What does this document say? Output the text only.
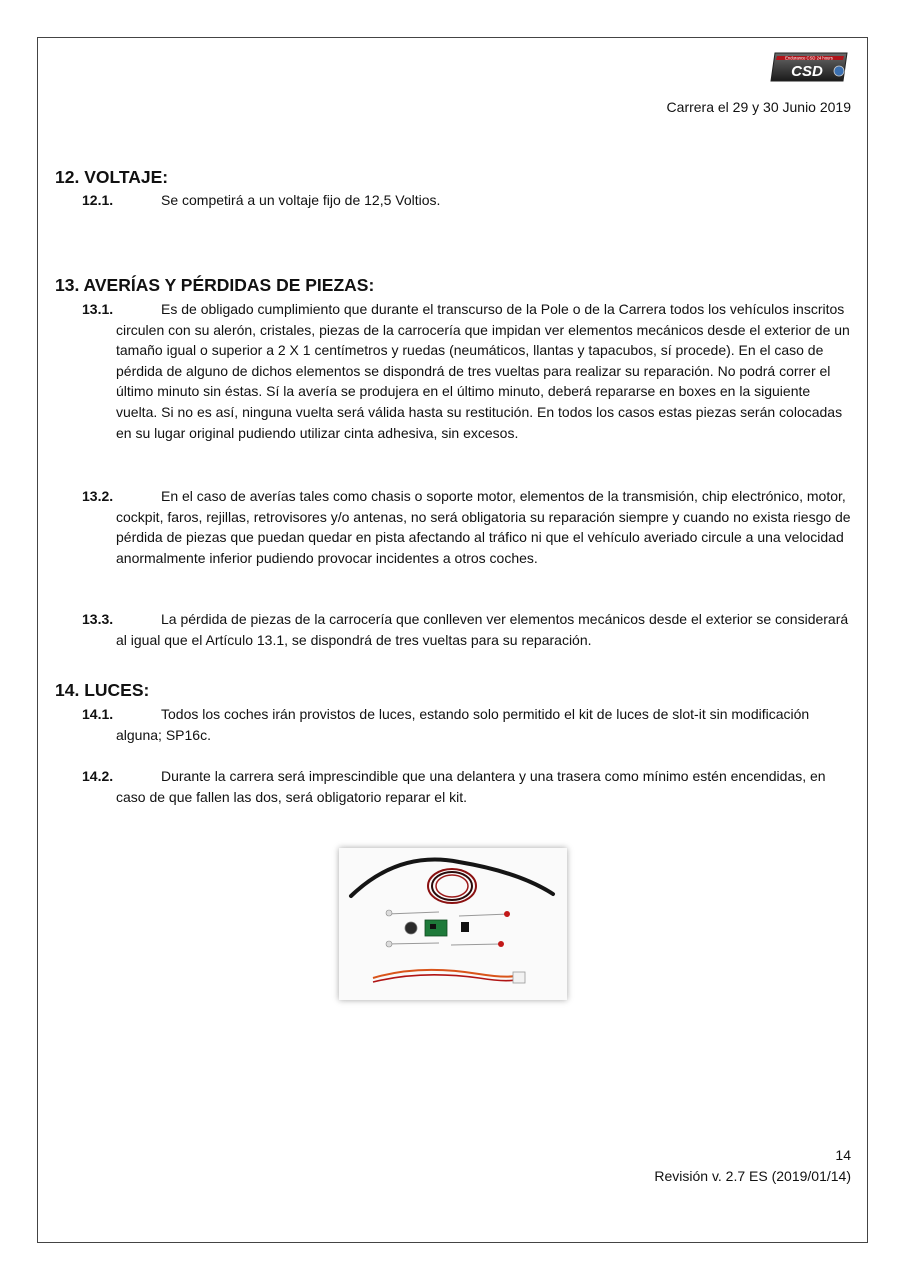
Endurance CSD 24 hours
CSD
Carrera el 29 y 30 Junio 2019
12. VOLTAJE:
12.1.	Se competirá a un voltaje fijo de 12,5 Voltios.
13. AVERÍAS Y PÉRDIDAS DE PIEZAS:
13.1.	Es de obligado cumplimiento que durante el transcurso de la Pole o de la Carrera todos los vehículos inscritos circulen con su alerón, cristales, piezas de la carrocería que impidan ver elementos mecánicos desde el exterior de un tamaño igual o superior a 2 X 1 centímetros y ruedas (neumáticos, llantas y tapacubos, sí procede). En el caso de pérdida de alguno de dichos elementos se dispondrá de tres vueltas para realizar su reparación. No podrá correr el último minuto sin éstas. Sí la avería se produjera en el último minuto, deberá repararse en boxes en la siguiente vuelta. Si no es así, ninguna vuelta será válida hasta su restitución. En todos los casos estas piezas serán colocadas en su lugar original pudiendo utilizar cinta adhesiva, sin excesos.
13.2.	En el caso de averías tales como chasis o soporte motor, elementos de la transmisión, chip electrónico, motor, cockpit, faros, rejillas, retrovisores y/o antenas, no será obligatoria su reparación siempre y cuando no exista riesgo de pérdida de piezas que puedan quedar en pista afectando al tráfico ni que el vehículo averiado circule a una velocidad anormalmente inferior pudiendo provocar incidentes a otros coches.
13.3.	La pérdida de piezas de la carrocería que conlleven ver elementos mecánicos desde el exterior se considerará al igual que el Artículo 13.1, se dispondrá de tres vueltas para su reparación.
14. LUCES:
14.1.	Todos los coches irán provistos de luces, estando solo permitido el kit de luces de slot-it sin modificación alguna; SP16c.
14.2.	Durante la carrera será imprescindible que una delantera y una trasera como mínimo estén encendidas, en caso de que fallen las dos, será obligatorio reparar el kit.
14
Revisión v. 2.7 ES (2019/01/14)
